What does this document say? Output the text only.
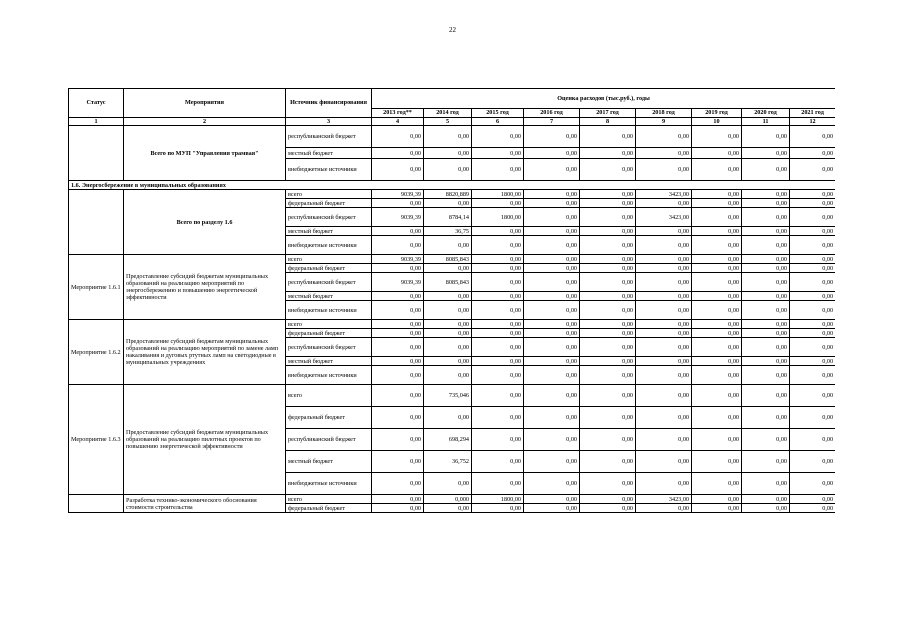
22
Статус	Мероприятия	Источник финансирования	Оценка расходов (тыс.руб.), годы								
			2013 год**	2014 год	2015 год	2016 год	2017 год	2018 год	2019 год	2020 год	2021 год
1	2	3	4	5	6	7	8	9	10	11	12
	Всего по МУП "Управления трамвая"	республиканский бюджет	0,00	0,00	0,00	0,00	0,00	0,00	0,00	0,00	0,00
		местный бюджет	0,00	0,00	0,00	0,00	0,00	0,00	0,00	0,00	0,00
		внебюджетные источники	0,00	0,00	0,00	0,00	0,00	0,00	0,00	0,00	0,00
1.6. Энергосбережение в муниципальных образованиях											
	Всего по разделу 1.6	всего	9039,39	8820,889	1800,00	0,00	0,00	3423,00	0,00	0,00	0,00
		федеральный бюджет	0,00	0,00	0,00	0,00	0,00	0,00	0,00	0,00	0,00
		республиканский бюджет	9039,39	8784,14	1800,00	0,00	0,00	3423,00	0,00	0,00	0,00
		местный бюджет	0,00	36,75	0,00	0,00	0,00	0,00	0,00	0,00	0,00
		внебюджетные источники	0,00	0,00	0,00	0,00	0,00	0,00	0,00	0,00	0,00
Мероприятие 1.6.1	Предоставление субсидий бюджетам муниципальных образований на реализацию мероприятий по энергосбережению и повышению энергетической эффективности	всего	9039,39	8085,843	0,00	0,00	0,00	0,00	0,00	0,00	0,00
		федеральный бюджет	0,00	0,00	0,00	0,00	0,00	0,00	0,00	0,00	0,00
		республиканский бюджет	9039,39	8085,843	0,00	0,00	0,00	0,00	0,00	0,00	0,00
		местный бюджет	0,00	0,00	0,00	0,00	0,00	0,00	0,00	0,00	0,00
		внебюджетные источники	0,00	0,00	0,00	0,00	0,00	0,00	0,00	0,00	0,00
Мероприятие 1.6.2	Предоставление субсидий бюджетам муниципальных образований на реализацию мероприятий по замене ламп накаливания и дуговых ртутных ламп на светодиодные в муниципальных учреждениях	всего	0,00	0,00	0,00	0,00	0,00	0,00	0,00	0,00	0,00
		федеральный бюджет	0,00	0,00	0,00	0,00	0,00	0,00	0,00	0,00	0,00
		республиканский бюджет	0,00	0,00	0,00	0,00	0,00	0,00	0,00	0,00	0,00
		местный бюджет	0,00	0,00	0,00	0,00	0,00	0,00	0,00	0,00	0,00
		внебюджетные источники	0,00	0,00	0,00	0,00	0,00	0,00	0,00	0,00	0,00
Мероприятие 1.6.3	Предоставление субсидий бюджетам муниципальных образований на реализацию пилотных проектов по повышению энергетической эффективности	всего	0,00	735,046	0,00	0,00	0,00	0,00	0,00	0,00	0,00
		федеральный бюджет	0,00	0,00	0,00	0,00	0,00	0,00	0,00	0,00	0,00
		республиканский бюджет	0,00	698,294	0,00	0,00	0,00	0,00	0,00	0,00	0,00
		местный бюджет	0,00	36,752	0,00	0,00	0,00	0,00	0,00	0,00	0,00
		внебюджетные источники	0,00	0,00	0,00	0,00	0,00	0,00	0,00	0,00	0,00
	Разработка технико-экономического обоснования стоимости строительства	всего	0,00	0,000	1800,00	0,00	0,00	3423,00	0,00	0,00	0,00
		федеральный бюджет	0,00	0,00	0,00	0,00	0,00	0,00	0,00	0,00	0,00
